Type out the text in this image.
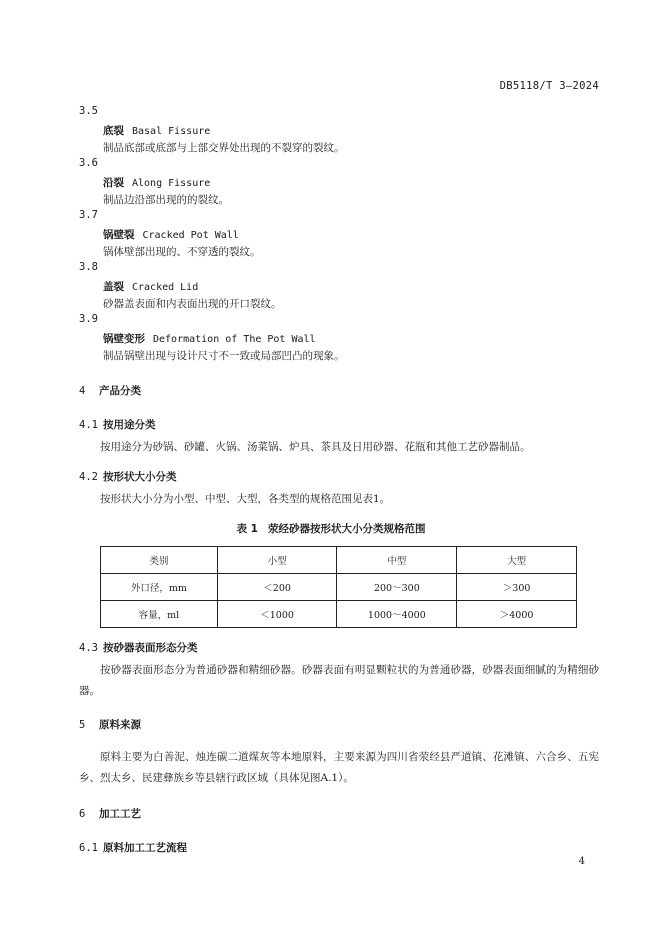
DB5118/T 3—2024
3.5
底裂 Basal Fissure
制品底部或底部与上部交界处出现的不裂穿的裂纹。
3.6
沿裂 Along Fissure
制品边沿部出现的的裂纹。
3.7
锅壁裂 Cracked Pot Wall
锅体壁部出现的、不穿透的裂纹。
3.8
盖裂 Cracked Lid
砂器盖表面和内表面出现的开口裂纹。
3.9
锅壁变形 Deformation of The Pot Wall
制品锅壁出现与设计尺寸不一致或局部凹凸的现象。
4 产品分类
4.1 按用途分类
按用途分为砂锅、砂罐、火锅、汤菜锅、炉具、茶具及日用砂器、花瓶和其他工艺砂器制品。
4.2 按形状大小分类
按形状大小分为小型、中型、大型，各类型的规格范围见表1。
表 1 荥经砂器按形状大小分类规格范围
类别	小型	中型	大型
外口径，mm	＜200	200～300	＞300
容量，ml	＜1000	1000～4000	＞4000
4.3 按砂器表面形态分类
按砂器表面形态分为普通砂器和精细砂器。砂器表面有明显颗粒状的为普通砂器，砂器表面细腻的为精细砂器。
5 原料来源
原料主要为白善泥、烛连碳二道煤灰等本地原料，主要来源为四川省荥经县严道镇、花滩镇、六合乡、五宪乡、烈太乡、民建彝族乡等县辖行政区域（具体见图A.1）。
6 加工工艺
6.1 原料加工工艺流程
4
